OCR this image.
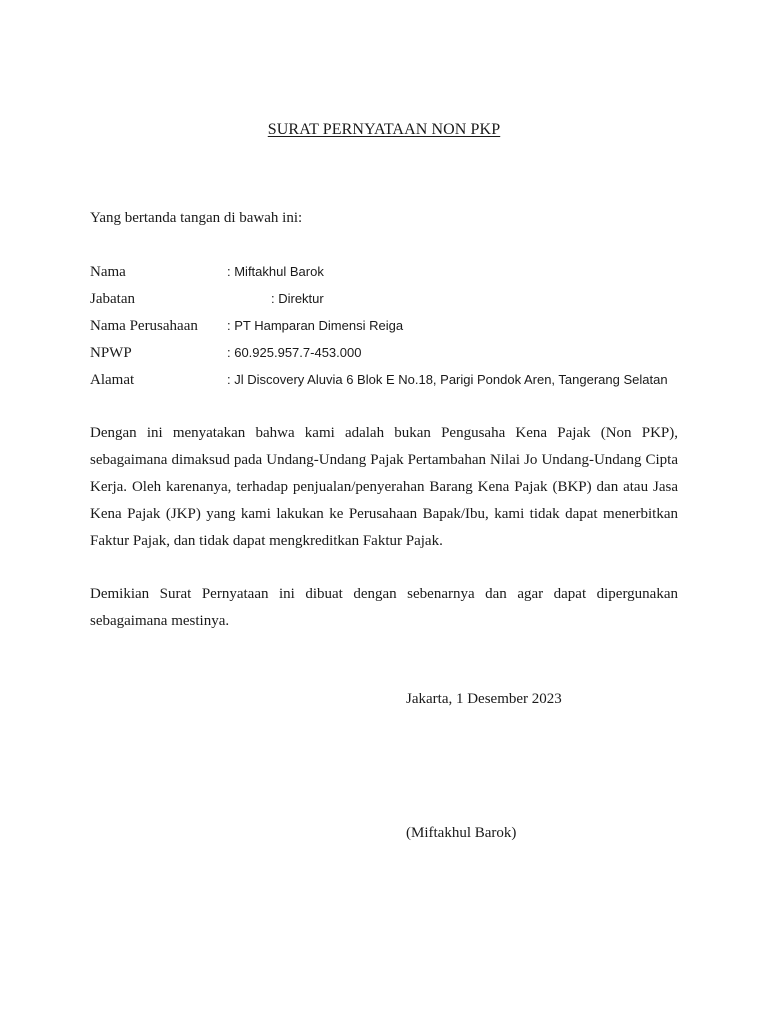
SURAT PERNYATAAN NON PKP
Yang bertanda tangan di bawah ini:
Nama	: Miftakhul Barok
Jabatan	: Direktur
Nama Perusahaan : PT Hamparan Dimensi Reiga
NPWP	: 60.925.957.7-453.000
Alamat	: Jl Discovery Aluvia 6 Blok E No.18, Parigi Pondok Aren, Tangerang Selatan
Dengan ini menyatakan bahwa kami adalah bukan Pengusaha Kena Pajak (Non PKP), sebagaimana dimaksud pada Undang-Undang Pajak Pertambahan Nilai Jo Undang-Undang Cipta Kerja. Oleh karenanya, terhadap penjualan/penyerahan Barang Kena Pajak (BKP) dan atau Jasa Kena Pajak (JKP) yang kami lakukan ke Perusahaan Bapak/Ibu, kami tidak dapat menerbitkan Faktur Pajak, dan tidak dapat mengkreditkan Faktur Pajak.
Demikian Surat Pernyataan ini dibuat dengan sebenarnya dan agar dapat dipergunakan sebagaimana mestinya.
Jakarta, 1 Desember 2023
(Miftakhul Barok)
